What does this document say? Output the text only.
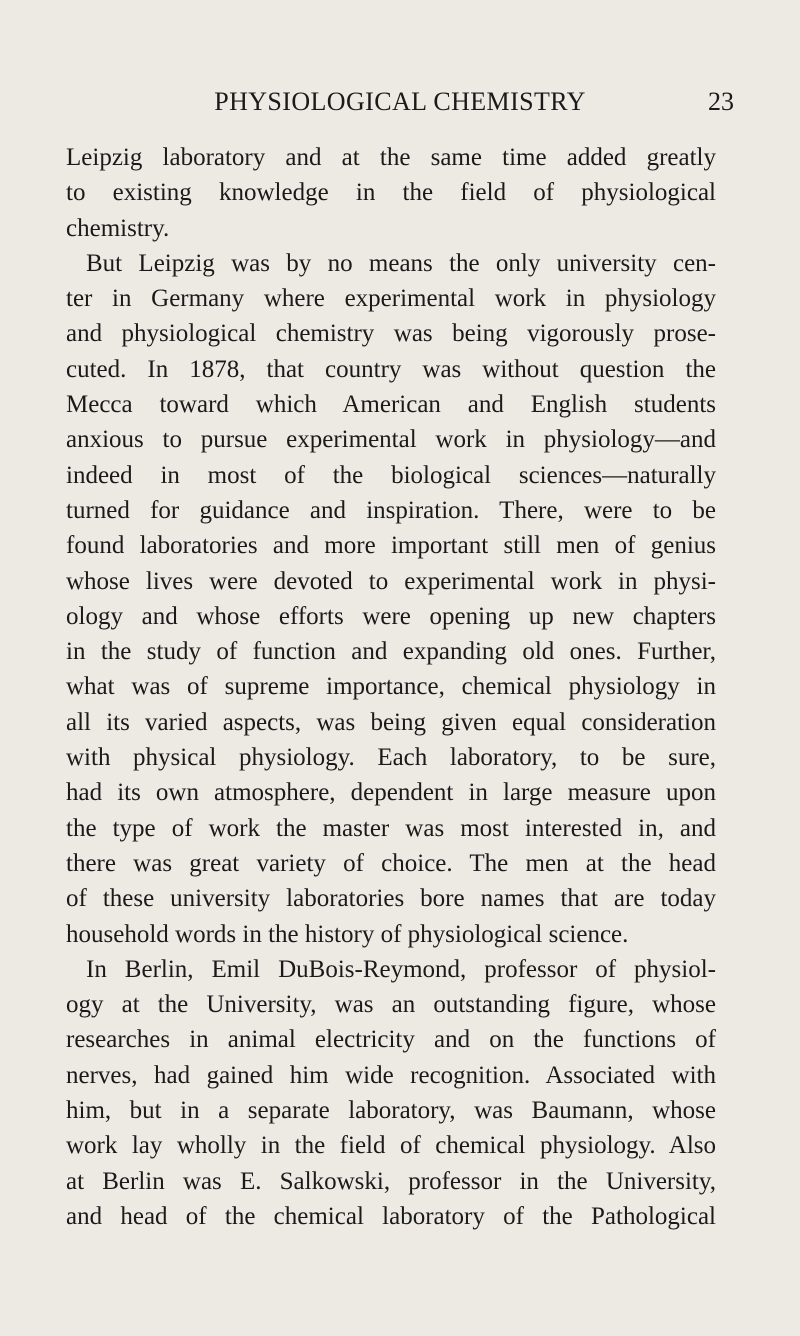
PHYSIOLOGICAL CHEMISTRY	23
Leipzig laboratory and at the same time added greatly
to existing knowledge in the field of physiological
chemistry.
But Leipzig was by no means the only university cen-
ter in Germany where experimental work in physiology
and physiological chemistry was being vigorously prose-
cuted. In 1878, that country was without question the
Mecca toward which American and English students
anxious to pursue experimental work in physiology—and
indeed in most of the biological sciences—naturally
turned for guidance and inspiration. There, were to be
found laboratories and more important still men of genius
whose lives were devoted to experimental work in physi-
ology and whose efforts were opening up new chapters
in the study of function and expanding old ones. Further,
what was of supreme importance, chemical physiology in
all its varied aspects, was being given equal consideration
with physical physiology. Each laboratory, to be sure,
had its own atmosphere, dependent in large measure upon
the type of work the master was most interested in, and
there was great variety of choice. The men at the head
of these university laboratories bore names that are today
household words in the history of physiological science.
In Berlin, Emil DuBois-Reymond, professor of physiol-
ogy at the University, was an outstanding figure, whose
researches in animal electricity and on the functions of
nerves, had gained him wide recognition. Associated with
him, but in a separate laboratory, was Baumann, whose
work lay wholly in the field of chemical physiology. Also
at Berlin was E. Salkowski, professor in the University,
and head of the chemical laboratory of the Pathological
